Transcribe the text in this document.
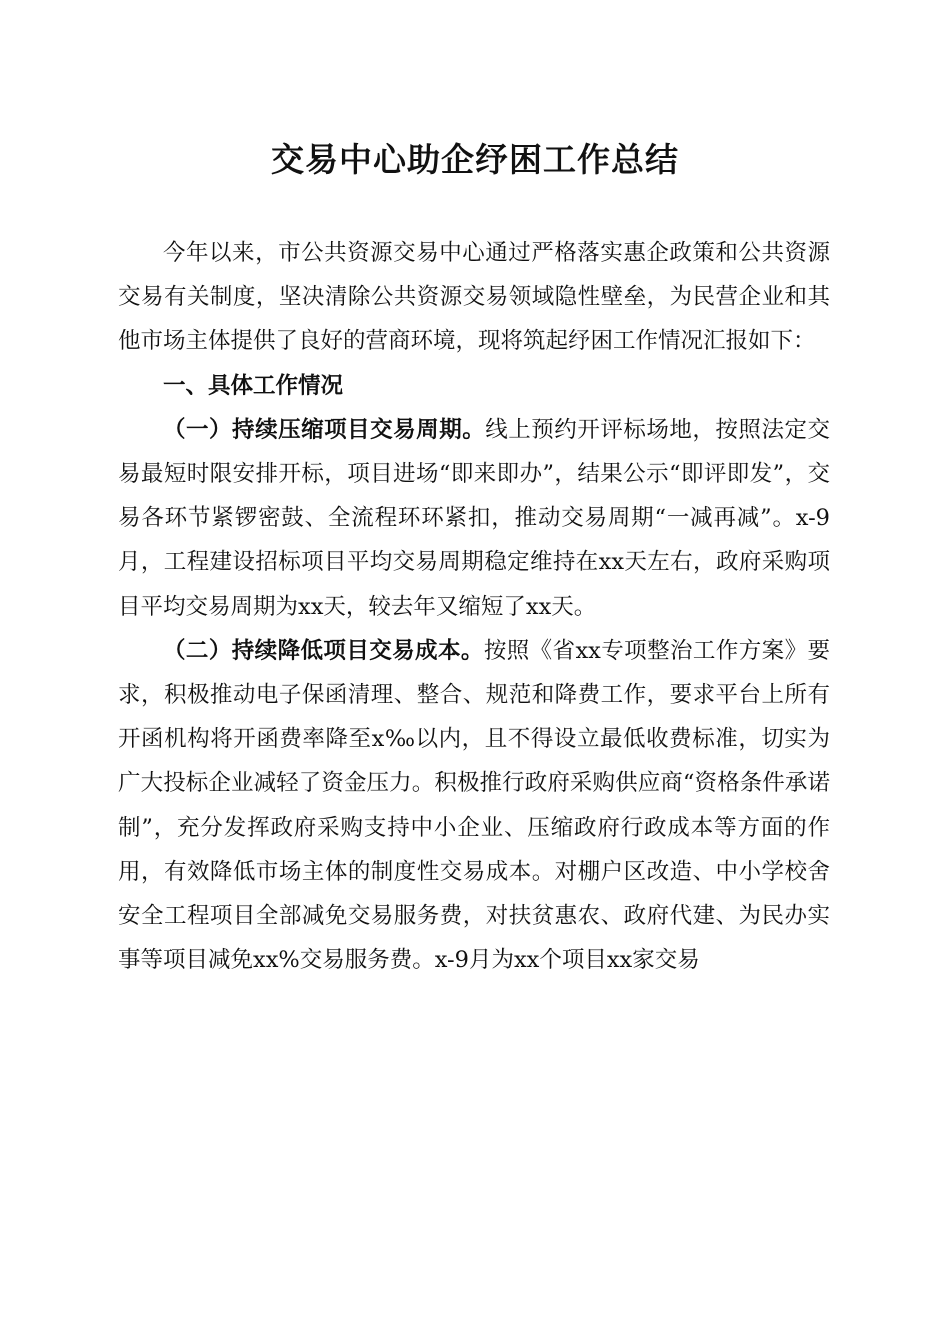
交易中心助企纾困工作总结

今年以来，市公共资源交易中心通过严格落实惠企政策和公共资源交易有关制度，坚决清除公共资源交易领域隐性壁垒，为民营企业和其他市场主体提供了良好的营商环境，现将筑起纾困工作情况汇报如下：

一、具体工作情况

（一）持续压缩项目交易周期。线上预约开评标场地，按照法定交易最短时限安排开标，项目进场“即来即办”，结果公示“即评即发”，交易各环节紧锣密鼓、全流程环环紧扣，推动交易周期“一减再减”。x-9月，工程建设招标项目平均交易周期稳定维持在xx天左右，政府采购项目平均交易周期为xx天，较去年又缩短了xx天。

（二）持续降低项目交易成本。按照《省xx专项整治工作方案》要求，积极推动电子保函清理、整合、规范和降费工作，要求平台上所有开函机构将开函费率降至x‰以内，且不得设立最低收费标准，切实为广大投标企业减轻了资金压力。积极推行政府采购供应商“资格条件承诺制”，充分发挥政府采购支持中小企业、压缩政府行政成本等方面的作用，有效降低市场主体的制度性交易成本。对棚户区改造、中小学校舍安全工程项目全部减免交易服务费，对扶贫惠农、政府代建、为民办实事等项目减免xx%交易服务费。x-9月为xx个项目xx家交易
